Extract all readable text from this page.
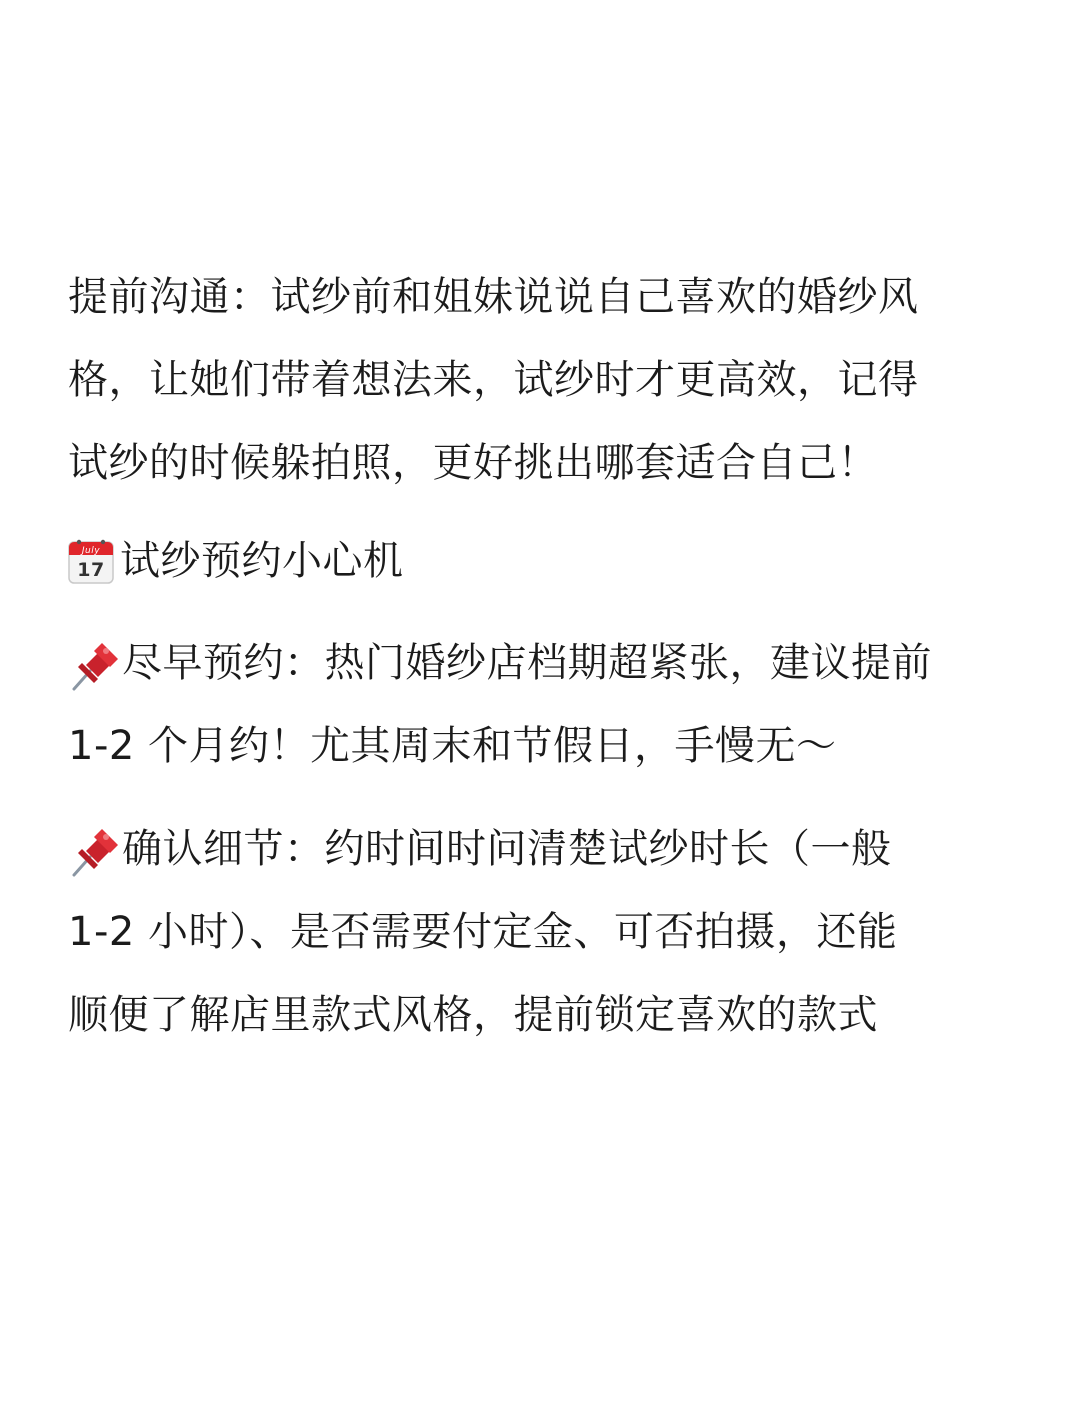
提前沟通：试纱前和姐妹说说自己喜欢的婚纱风
格，让她们带着想法来，试纱时才更高效，记得
试纱的时候躲拍照，更好挑出哪套适合自己！

July
17 试纱预约小心机

尽早预约：热门婚纱店档期超紧张，建议提前
1-2 个月约！尤其周末和节假日，手慢无～

确认细节：约时间时问清楚试纱时长（一般
1-2 小时）、是否需要付定金、可否拍摄，还能
顺便了解店里款式风格，提前锁定喜欢的款式
